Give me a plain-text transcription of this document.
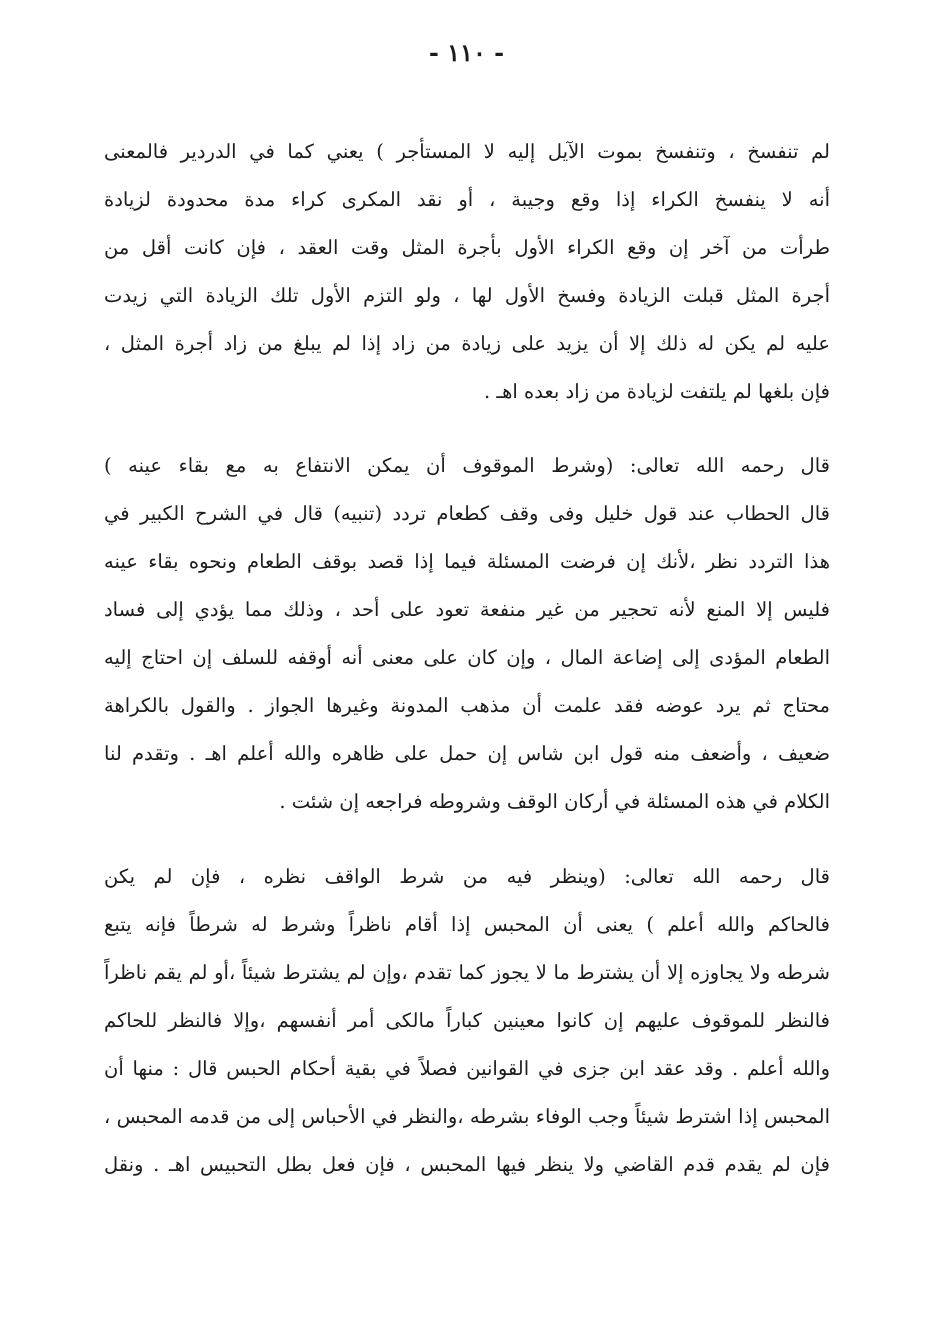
- ١١٠ -
لم تنفسخ ، وتنفسخ بموت الآيل إليه لا المستأجر ) يعني كما في الدردير فالمعنى
أنه لا ينفسخ الكراء إذا وقع وجيبة ، أو نقد المكرى كراء مدة محدودة لزيادة
طرأت من آخر إن وقع الكراء الأول بأجرة المثل وقت العقد ، فإن كانت أقل من
أجرة المثل قبلت الزيادة وفسخ الأول لها ، ولو التزم الأول تلك الزيادة التي زيدت
عليه لم يكن له ذلك إلا أن يزيد على زيادة من زاد إذا لم يبلغ من زاد أجرة المثل ،
فإن بلغها لم يلتفت لزيادة من زاد بعده اهـ .
قال رحمه الله تعالى: (وشرط الموقوف أن يمكن الانتفاع به مع بقاء عينه )
قال الحطاب عند قول خليل وفى وقف كطعام تردد (تنبيه) قال في الشرح الكبير في
هذا التردد نظر ،لأنك إن فرضت المسئلة فيما إذا قصد بوقف الطعام ونحوه بقاء عينه
فليس إلا المنع لأنه تحجير من غير منفعة تعود على أحد ، وذلك مما يؤدي إلى فساد
الطعام المؤدى إلى إضاعة المال ، وإن كان على معنى أنه أوقفه للسلف إن احتاج إليه
محتاج ثم يرد عوضه فقد علمت أن مذهب المدونة وغيرها الجواز . والقول بالكراهة
ضعيف ، وأضعف منه قول ابن شاس إن حمل على ظاهره والله أعلم اهـ . وتقدم لنا
الكلام في هذه المسئلة في أركان الوقف وشروطه فراجعه إن شئت .
قال رحمه الله تعالى: (وينظر فيه من شرط الواقف نظره ، فإن لم يكن
فالحاكم والله أعلم ) يعنى أن المحبس إذا أقام ناظراً وشرط له شرطاً فإنه يتبع
شرطه ولا يجاوزه إلا أن يشترط ما لا يجوز كما تقدم ،وإن لم يشترط شيئاً ،أو لم يقم ناظراً
فالنظر للموقوف عليهم إن كانوا معينين كباراً مالكى أمر أنفسهم ،وإلا فالنظر للحاكم
والله أعلم . وقد عقد ابن جزى في القوانين فصلاً في بقية أحكام الحبس قال : منها أن
المحبس إذا اشترط شيئاً وجب الوفاء بشرطه ،والنظر في الأحباس إلى من قدمه المحبس ،
فإن لم يقدم قدم القاضي ولا ينظر فيها المحبس ، فإن فعل بطل التحبيس اهـ . ونقل
